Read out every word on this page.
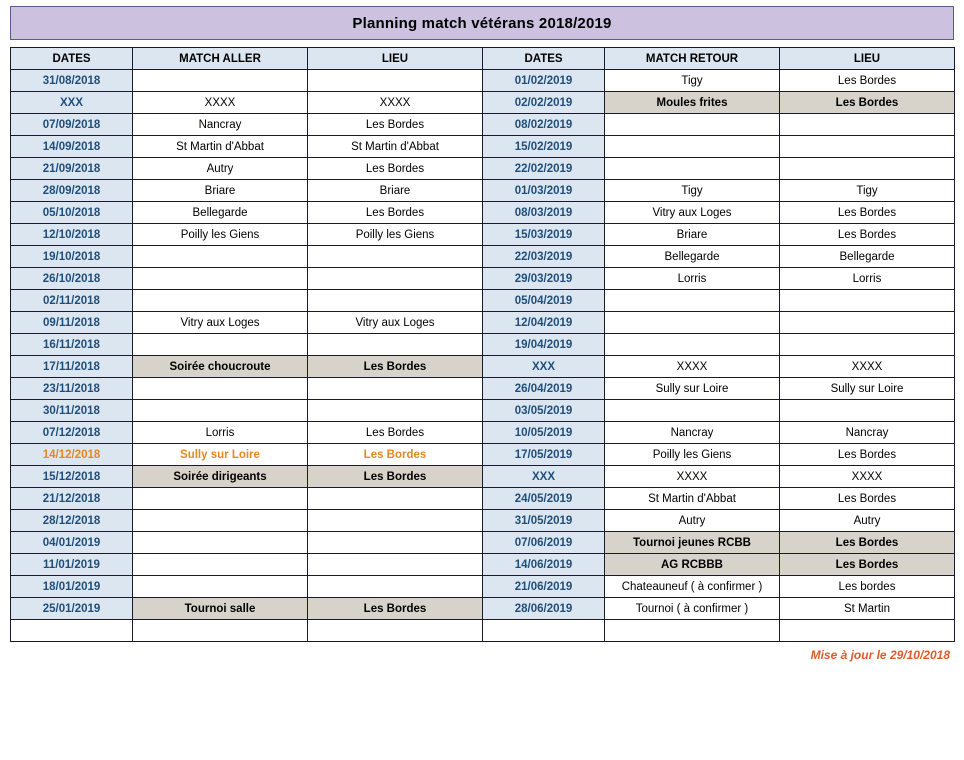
Planning match vétérans 2018/2019
DATES	MATCH ALLER	LIEU	DATES	MATCH RETOUR	LIEU
31/08/2018			01/02/2019	Tigy	Les Bordes
XXX	XXXX	XXXX	02/02/2019	Moules frites	Les Bordes
07/09/2018	Nancray	Les Bordes	08/02/2019		
14/09/2018	St Martin d'Abbat	St Martin d'Abbat	15/02/2019		
21/09/2018	Autry	Les Bordes	22/02/2019		
28/09/2018	Briare	Briare	01/03/2019	Tigy	Tigy
05/10/2018	Bellegarde	Les Bordes	08/03/2019	Vitry aux Loges	Les Bordes
12/10/2018	Poilly les Giens	Poilly les Giens	15/03/2019	Briare	Les Bordes
19/10/2018			22/03/2019	Bellegarde	Bellegarde
26/10/2018			29/03/2019	Lorris	Lorris
02/11/2018			05/04/2019		
09/11/2018	Vitry aux Loges	Vitry aux Loges	12/04/2019		
16/11/2018			19/04/2019		
17/11/2018	Soirée choucroute	Les Bordes	XXX	XXXX	XXXX
23/11/2018			26/04/2019	Sully sur Loire	Sully sur Loire
30/11/2018			03/05/2019		
07/12/2018	Lorris	Les Bordes	10/05/2019	Nancray	Nancray
14/12/2018	Sully sur Loire	Les Bordes	17/05/2019	Poilly les Giens	Les Bordes
15/12/2018	Soirée dirigeants	Les Bordes	XXX	XXXX	XXXX
21/12/2018			24/05/2019	St Martin d'Abbat	Les Bordes
28/12/2018			31/05/2019	Autry	Autry
04/01/2019			07/06/2019	Tournoi jeunes RCBB	Les Bordes
11/01/2019			14/06/2019	AG RCBBB	Les Bordes
18/01/2019			21/06/2019	Chateauneuf ( à confirmer )	Les bordes
25/01/2019	Tournoi salle	Les Bordes	28/06/2019	Tournoi ( à confirmer )	St Martin

Mise à jour le 29/10/2018
